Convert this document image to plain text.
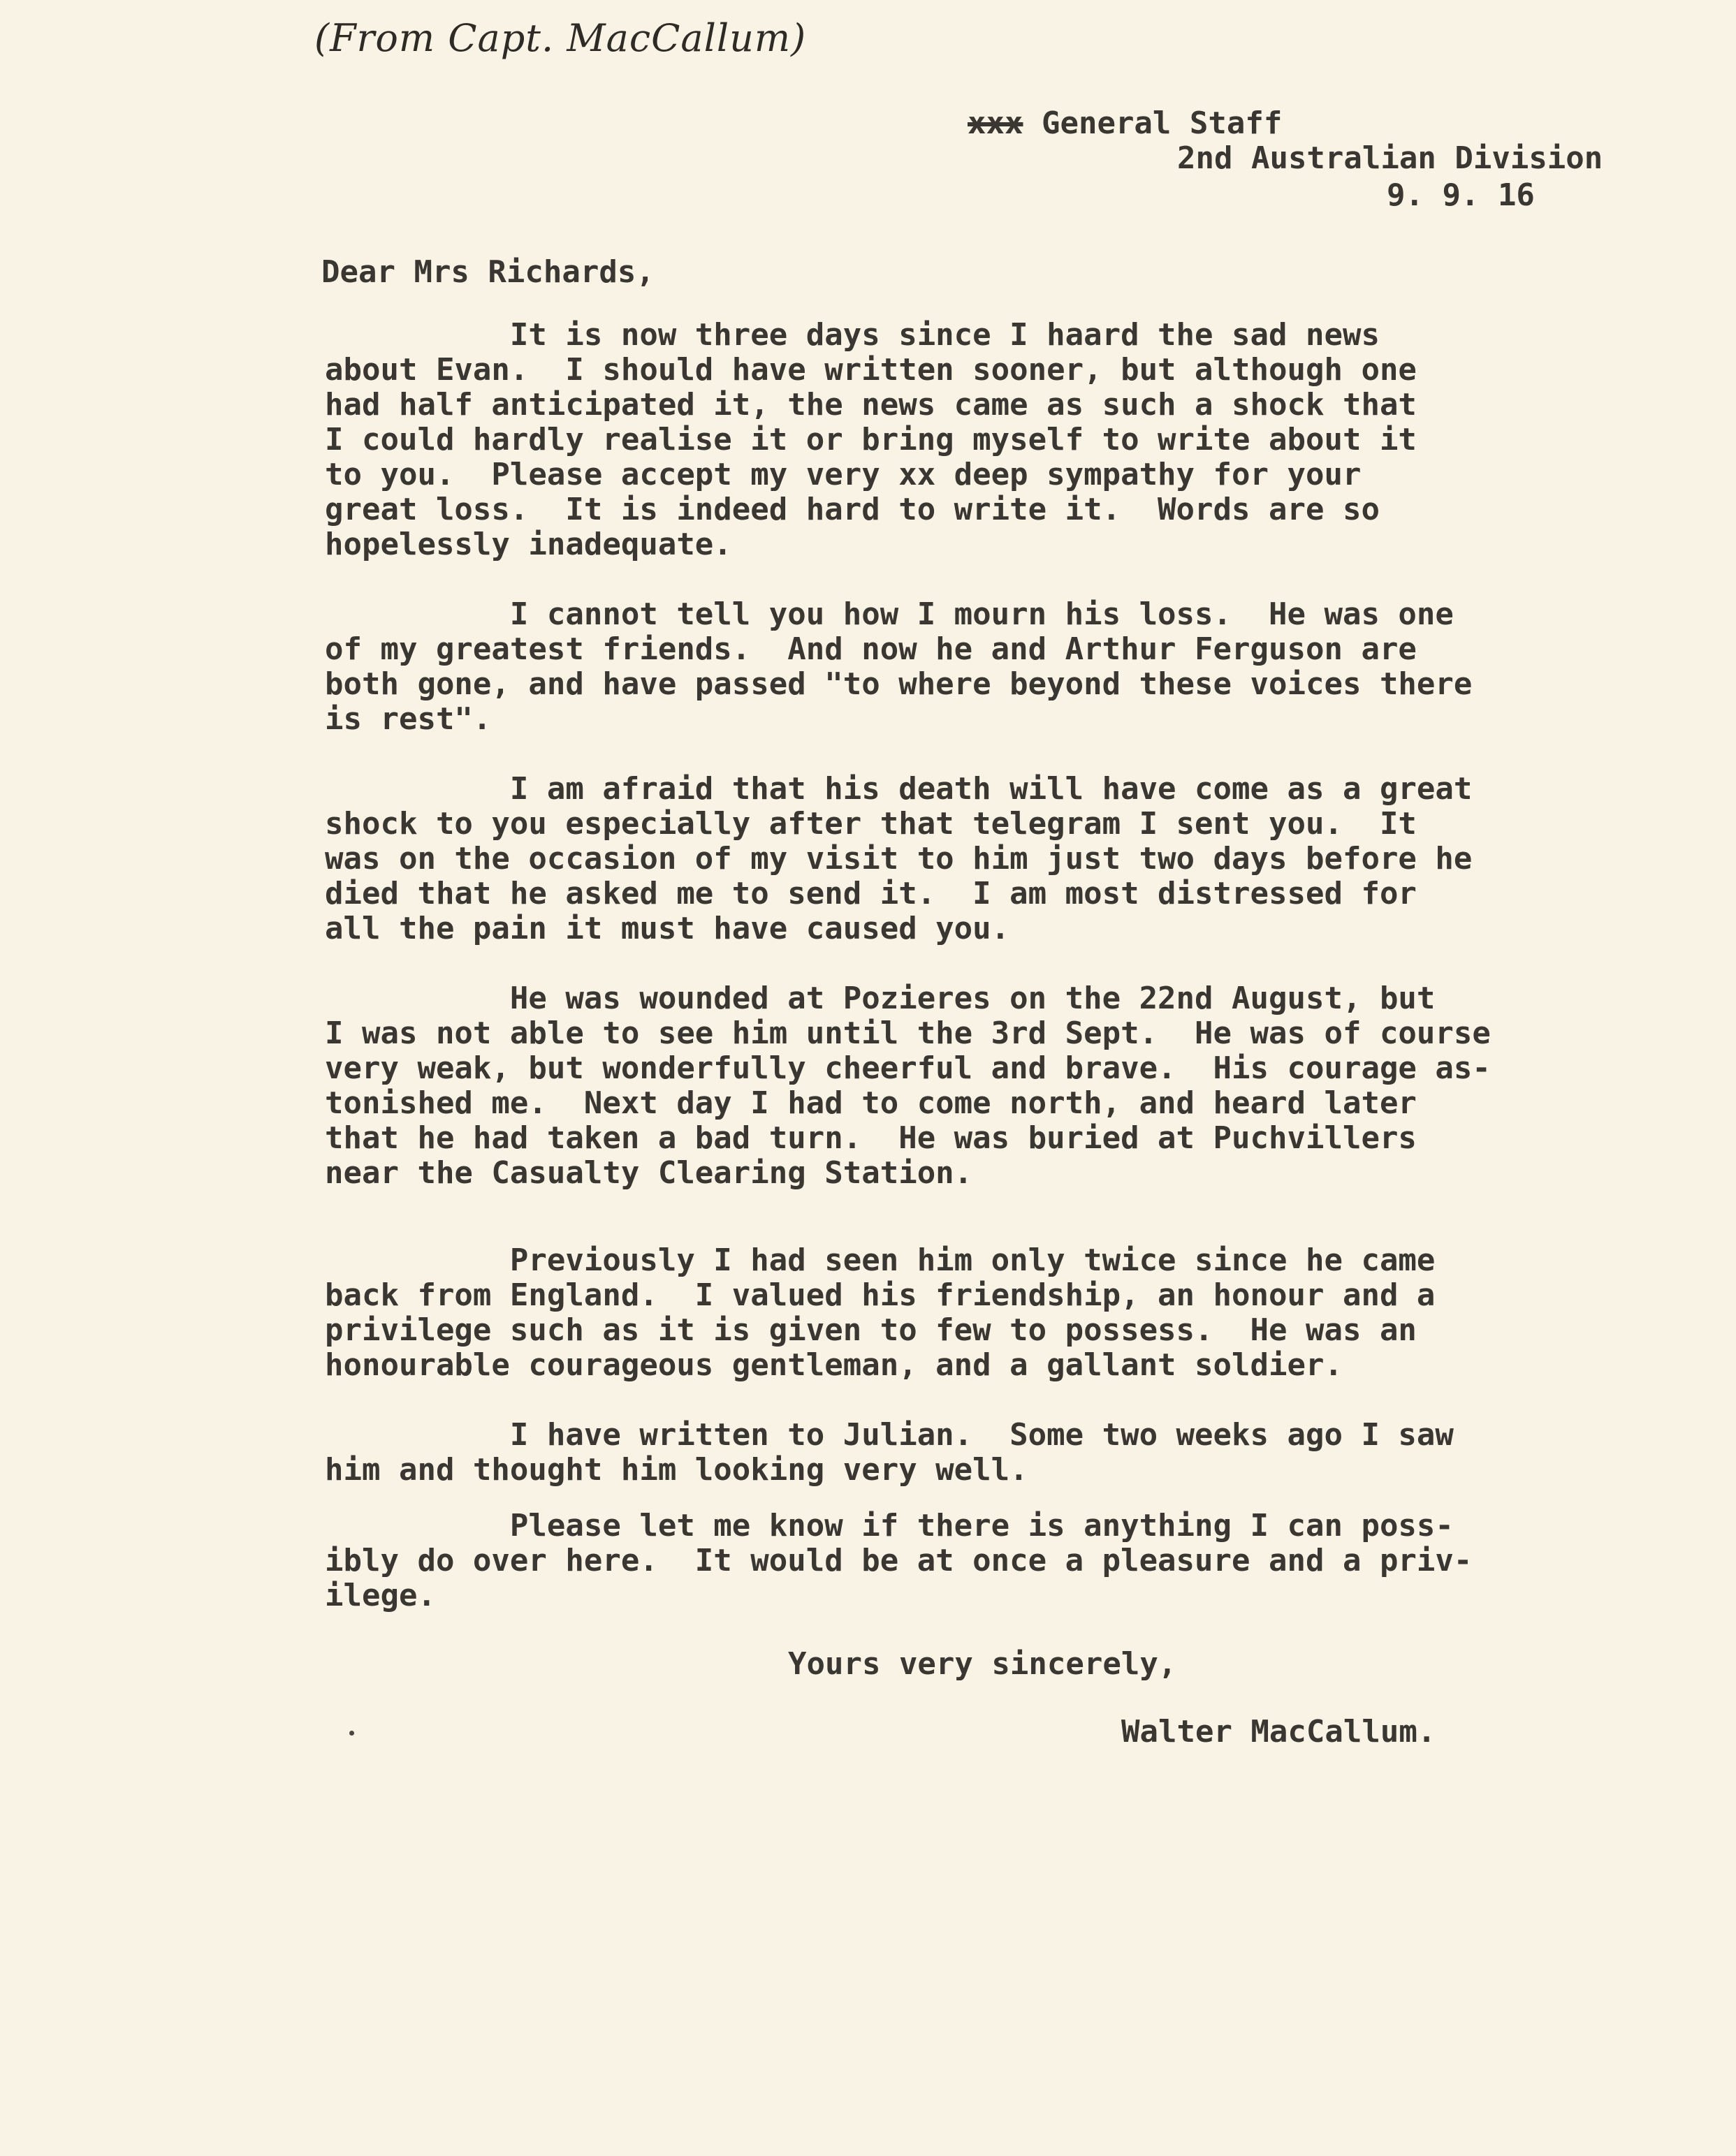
(From Capt. MacCallum)
xxx General Staff
2nd Australian Division
9. 9. 16
Dear Mrs Richards,
It is now three days since I haard the sad news
about Evan.  I should have written sooner, but although one
had half anticipated it, the news came as such a shock that
I could hardly realise it or bring myself to write about it
to you.  Please accept my very xx deep sympathy for your
great loss.  It is indeed hard to write it.  Words are so
hopelessly inadequate.
I cannot tell you how I mourn his loss.  He was one
of my greatest friends.  And now he and Arthur Ferguson are
both gone, and have passed "to where beyond these voices there
is rest".
I am afraid that his death will have come as a great
shock to you especially after that telegram I sent you.  It
was on the occasion of my visit to him just two days before he
died that he asked me to send it.  I am most distressed for
all the pain it must have caused you.
He was wounded at Pozieres on the 22nd August, but
I was not able to see him until the 3rd Sept.  He was of course
very weak, but wonderfully cheerful and brave.  His courage as-
tonished me.  Next day I had to come north, and heard later
that he had taken a bad turn.  He was buried at Puchvillers
near the Casualty Clearing Station.
Previously I had seen him only twice since he came
back from England.  I valued his friendship, an honour and a
privilege such as it is given to few to possess.  He was an
honourable courageous gentleman, and a gallant soldier.
I have written to Julian.  Some two weeks ago I saw
him and thought him looking very well.
Please let me know if there is anything I can poss-
ibly do over here.  It would be at once a pleasure and a priv-
ilege.
Yours very sincerely,
Walter MacCallum.
